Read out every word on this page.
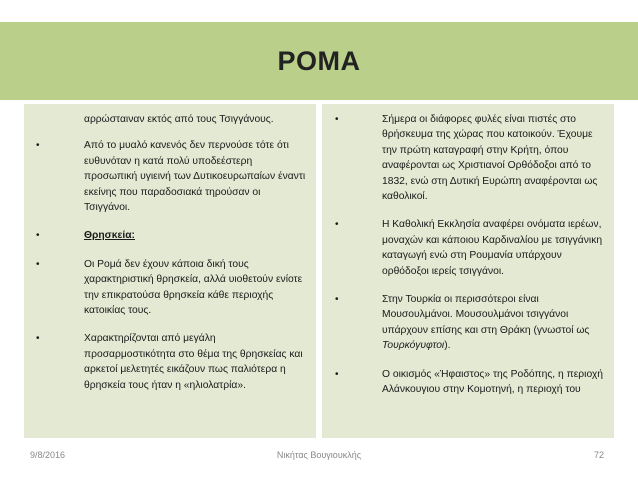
ΡΟΜΑ

αρρώσταιναν εκτός από τους Τσιγγάνους.

•	Από το μυαλό κανενός δεν περνούσε τότε ότι ευθυνόταν η κατά πολύ υποδεέστερη προσωπική υγιεινή των Δυτικοευρωπαίων έναντι εκείνης που παραδοσιακά τηρούσαν οι Τσιγγάνοι.

•	Θρησκεία:

•	Οι Ρομά δεν έχουν κάποια δική τους χαρακτηριστική θρησκεία, αλλά υιοθετούν ενίοτε την επικρατούσα θρησκεία κάθε περιοχής κατοικίας τους.

•	Χαρακτηρίζονται από μεγάλη προσαρμοστικότητα στο θέμα της θρησκείας και αρκετοί μελετητές εικάζουν πως παλιότερα η θρησκεία τους ήταν η «ηλιολατρία».

•	Σήμερα οι διάφορες φυλές είναι πιστές στο θρήσκευμα της χώρας που κατοικούν. Έχουμε την πρώτη καταγραφή στην Κρήτη, όπου αναφέρονται ως Χριστιανοί Ορθόδοξοι από το 1832, ενώ στη Δυτική Ευρώπη αναφέρονται ως καθολικοί.

•	Η Καθολική Εκκλησία αναφέρει ονόματα ιερέων, μοναχών και κάποιου Καρδιναλίου με τσιγγάνικη καταγωγή ενώ στη Ρουμανία υπάρχουν ορθόδοξοι ιερείς τσιγγάνοι.

•	Στην Τουρκία οι περισσότεροι είναι Μουσουλμάνοι. Μουσουλμάνοι τσιγγάνοι υπάρχουν επίσης και στη Θράκη (γνωστοί ως Τουρκόγυφτοι).

•	Ο οικισμός «Ήφαιστος» της Ροδόπης, η περιοχή Αλάνκουγιου στην Κομοτηνή, η περιοχή του

9/8/2016	Νικήτας Βουγιουκλής	72
